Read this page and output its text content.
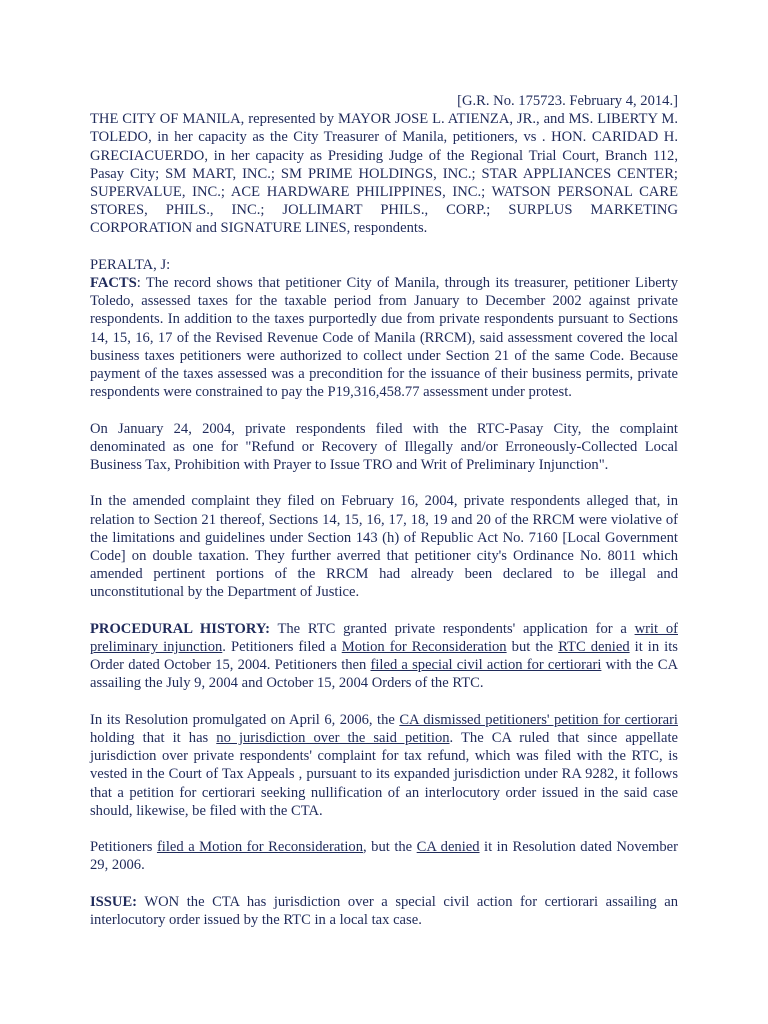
[G.R. No. 175723. February 4, 2014.]

THE CITY OF MANILA, represented by MAYOR JOSE L. ATIENZA, JR., and MS. LIBERTY M. TOLEDO, in her capacity as the City Treasurer of Manila, petitioners, vs . HON. CARIDAD H. GRECIACUERDO, in her capacity as Presiding Judge of the Regional Trial Court, Branch 112, Pasay City; SM MART, INC.; SM PRIME HOLDINGS, INC.; STAR APPLIANCES CENTER; SUPERVALUE, INC.; ACE HARDWARE PHILIPPINES, INC.; WATSON PERSONAL CARE STORES, PHILS., INC.; JOLLIMART PHILS., CORP.; SURPLUS MARKETING CORPORATION and SIGNATURE LINES, respondents.

PERALTA, J:

FACTS: The record shows that petitioner City of Manila, through its treasurer, petitioner Liberty Toledo, assessed taxes for the taxable period from January to December 2002 against private respondents. In addition to the taxes purportedly due from private respondents pursuant to Sections 14, 15, 16, 17 of the Revised Revenue Code of Manila (RRCM), said assessment covered the local business taxes petitioners were authorized to collect under Section 21 of the same Code. Because payment of the taxes assessed was a precondition for the issuance of their business permits, private respondents were constrained to pay the P19,316,458.77 assessment under protest.

On January 24, 2004, private respondents filed with the RTC-Pasay City, the complaint denominated as one for "Refund or Recovery of Illegally and/or Erroneously-Collected Local Business Tax, Prohibition with Prayer to Issue TRO and Writ of Preliminary Injunction".

In the amended complaint they filed on February 16, 2004, private respondents alleged that, in relation to Section 21 thereof, Sections 14, 15, 16, 17, 18, 19 and 20 of the RRCM were violative of the limitations and guidelines under Section 143 (h) of Republic Act No. 7160 [Local Government Code] on double taxation. They further averred that petitioner city's Ordinance No. 8011 which amended pertinent portions of the RRCM had already been declared to be illegal and unconstitutional by the Department of Justice.

PROCEDURAL HISTORY: The RTC granted private respondents' application for a writ of preliminary injunction. Petitioners filed a Motion for Reconsideration but the RTC denied it in its Order dated October 15, 2004. Petitioners then filed a special civil action for certiorari with the CA assailing the July 9, 2004 and October 15, 2004 Orders of the RTC.

In its Resolution promulgated on April 6, 2006, the CA dismissed petitioners' petition for certiorari holding that it has no jurisdiction over the said petition. The CA ruled that since appellate jurisdiction over private respondents' complaint for tax refund, which was filed with the RTC, is vested in the Court of Tax Appeals , pursuant to its expanded jurisdiction under RA 9282, it follows that a petition for certiorari seeking nullification of an interlocutory order issued in the said case should, likewise, be filed with the CTA.

Petitioners filed a Motion for Reconsideration, but the CA denied it in Resolution dated November 29, 2006.

ISSUE: WON the CTA has jurisdiction over a special civil action for certiorari assailing an interlocutory order issued by the RTC in a local tax case.
